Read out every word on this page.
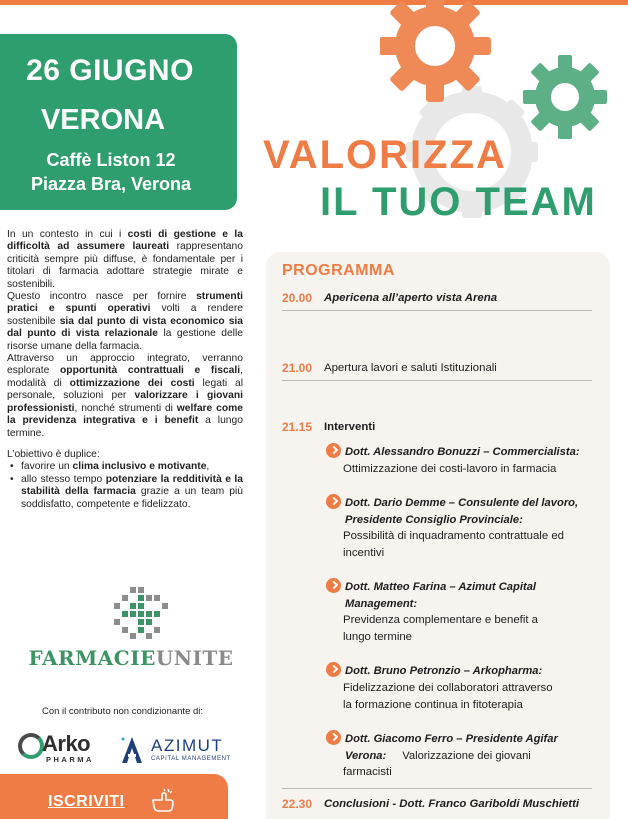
26 GIUGNO
VERONA
Caffè Liston 12
Piazza Bra, Verona
VALORIZZA
IL TUO TEAM

In un contesto in cui i costi di gestione e la difficoltà ad assumere laureati rappresentano criticità sempre più diffuse, è fondamentale per i titolari di farmacia adottare strategie mirate e sostenibili.

Questo incontro nasce per fornire strumenti pratici e spunti operativi volti a rendere sostenibile sia dal punto di vista economico sia dal punto di vista relazionale la gestione delle risorse umane della farmacia.

Attraverso un approccio integrato, verranno esplorate opportunità contrattuali e fiscali, modalità di ottimizzazione dei costi legati al personale, soluzioni per valorizzare i giovani professionisti, nonché strumenti di welfare come la previdenza integrativa e i benefit a lungo termine.

L’obiettivo è duplice:

• favorire un clima inclusivo e motivante,
• allo stesso tempo potenziare la redditività e la stabilità della farmacia grazie a un team più soddisfatto, competente e fidelizzato.
FARMACIEUNITE
Con il contributo non condizionante di:
Arko
PHARMA
AZIMUT
CAPITAL MANAGEMENT
ISCRIVITI
PROGRAMMA
20.00 Apericena all’aperto vista Arena
21.00 Apertura lavori e saluti Istituzionali
21.15 Interventi
Dott. Alessandro Bonuzzi – Commercialista:
Ottimizzazione dei costi-lavoro in farmacia
Dott. Dario Demme – Consulente del lavoro,
Presidente Consiglio Provinciale:
Possibilità di inquadramento contrattuale ed
incentivi
Dott. Matteo Farina – Azimut Capital
Management:
Previdenza complementare e benefit a
lungo termine
Dott. Bruno Petronzio – Arkopharma:
Fidelizzazione dei collaboratori attraverso
la formazione continua in fitoterapia
Dott. Giacomo Ferro – Presidente Agifar
Verona: Valorizzazione dei giovani
farmacisti
22.30 Conclusioni - Dott. Franco Gariboldi Muschietti
